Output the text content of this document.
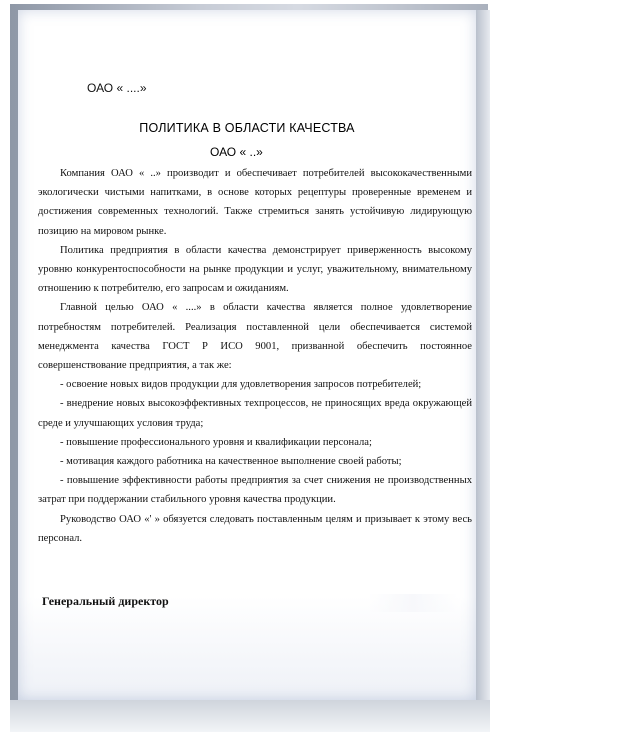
ОАО « ....»
ПОЛИТИКА В ОБЛАСТИ КАЧЕСТВА
ОАО « ..»

Компания ОАО « ..» производит и обеспечивает потребителей высококачественными экологически чистыми напитками, в основе которых рецептуры проверенные временем и достижения современных технологий. Также стремиться занять устойчивую лидирующую позицию на мировом рынке.

Политика предприятия в области качества демонстрирует приверженность высокому уровню конкурентоспособности на рынке продукции и услуг, уважительному, внимательному отношению к потребителю, его запросам и ожиданиям.

Главной целью ОАО « ....» в области качества является полное удовлетворение потребностям потребителей. Реализация поставленной цели обеспечивается системой менеджмента качества ГОСТ Р ИСО 9001, призванной обеспечить постоянное совершенствование предприятия, а так же:

- освоение новых видов продукции для удовлетворения запросов потребителей;

- внедрение новых высокоэффективных техпроцессов, не приносящих вреда окружающей среде и улучшающих условия труда;

- повышение профессионального уровня и квалификации персонала;

- мотивация каждого работника на качественное выполнение своей работы;

- повышение эффективности работы предприятия за счет снижения не производственных затрат при поддержании стабильного уровня качества продукции.

Руководство ОАО «' » обязуется следовать поставленным целям и призывает к этому весь персонал.

Генеральный директор
